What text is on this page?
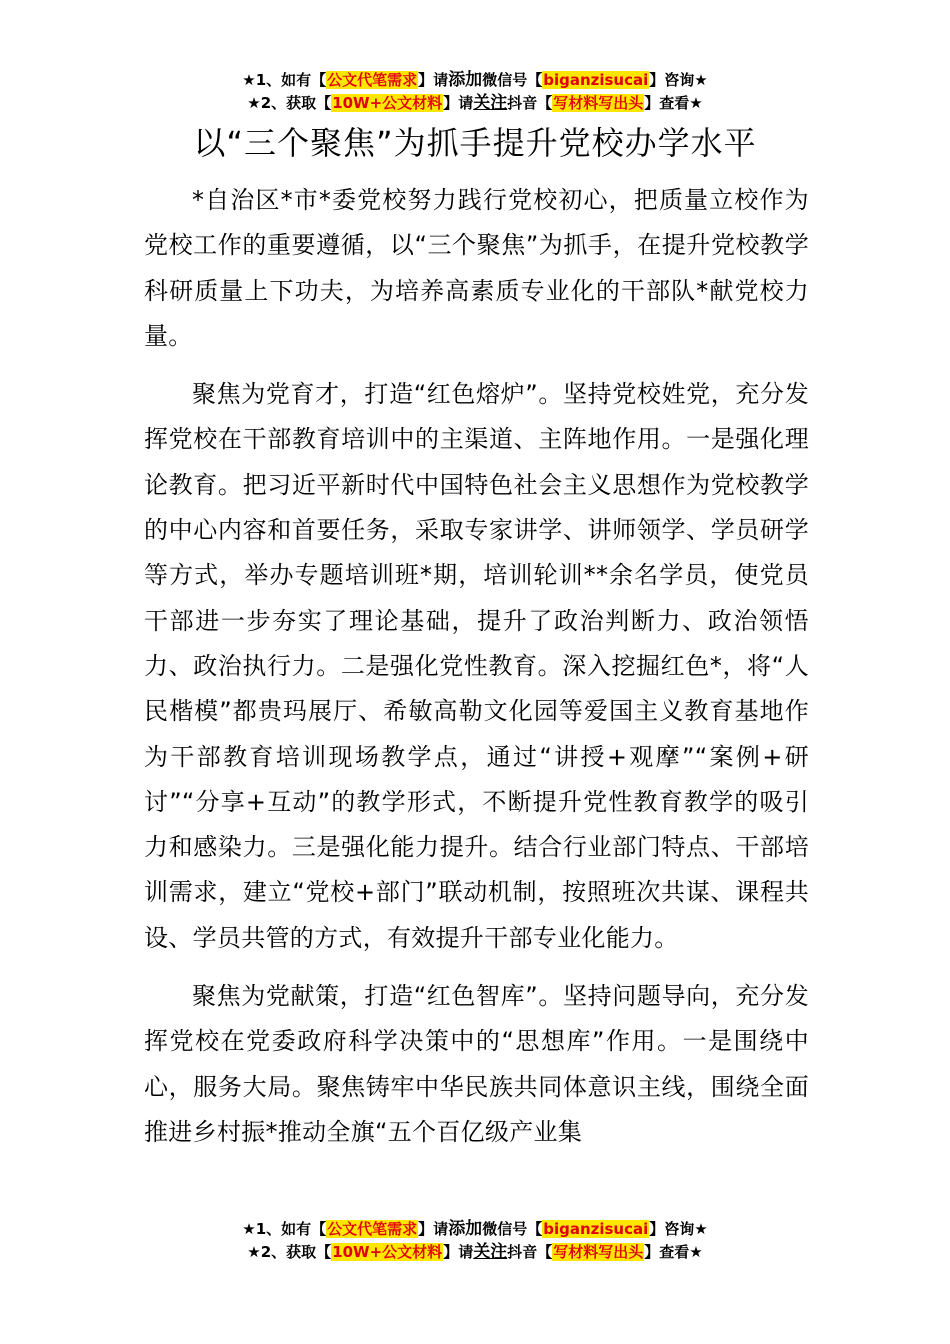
★1、如有【公文代笔需求】请添加微信号【biganzisucai】咨询★
★2、获取【10W+公文材料】请关注抖音【写材料写出头】查看★
以“三个聚焦”为抓手提升党校办学水平

*自治区*市*委党校努力践行党校初心，把质量立校作为党校工作的重要遵循，以“三个聚焦”为抓手，在提升党校教学科研质量上下功夫，为培养高素质专业化的干部队*献党校力量。

聚焦为党育才，打造“红色熔炉”。坚持党校姓党，充分发挥党校在干部教育培训中的主渠道、主阵地作用。一是强化理论教育。把习近平新时代中国特色社会主义思想作为党校教学的中心内容和首要任务，采取专家讲学、讲师领学、学员研学等方式，举办专题培训班*期，培训轮训**余名学员，使党员干部进一步夯实了理论基础，提升了政治判断力、政治领悟力、政治执行力。二是强化党性教育。深入挖掘红色*，将“人民楷模”都贵玛展厅、希敏高勒文化园等爱国主义教育基地作为干部教育培训现场教学点，通过“讲授+观摩”“案例+研讨”“分享+互动”的教学形式，不断提升党性教育教学的吸引力和感染力。三是强化能力提升。结合行业部门特点、干部培训需求，建立“党校+部门”联动机制，按照班次共谋、课程共设、学员共管的方式，有效提升干部专业化能力。

聚焦为党献策，打造“红色智库”。坚持问题导向，充分发挥党校在党委政府科学决策中的“思想库”作用。一是围绕中心，服务大局。聚焦铸牢中华民族共同体意识主线，围绕全面推进乡村振*推动全旗“五个百亿级产业集

★1、如有【公文代笔需求】请添加微信号【biganzisucai】咨询★
★2、获取【10W+公文材料】请关注抖音【写材料写出头】查看★
